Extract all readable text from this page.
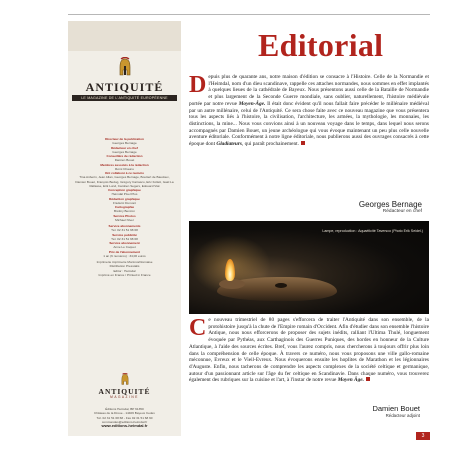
ANTIQUITÉ
LE MAGAZINE DE L'ANTIQUITÉ EUROPÉENNE
Directeur de la publication
Georges Bernage
Rédacteur en chef
Georges Bernage
Conseillère de rédaction
Damien Bouet
Membres associés à la rédaction
Rémi Chaunu
Ont collaboré à ce numéro
Tina Anberin, Jean Allan, Georges Bernage, Bouttert de Baudoux, Damien Bouet, François Bedog, Grégory Carrasco, Eric Follett, Gaël La Rallasse, Erik Lund, Carolien Segers, Edouard Viat
Conception graphique
Heimdal Pixel Plus
Rédaction graphique
Fréderic Dumont
Cartographie
Brétiny Benzon
Service Photos
Michael Niver
Service abonnements
Tél. 02 31 51 68 68
Service publicité
Tél. 02 31 51 68 68
Service abonnement
Anne Le Coquet
Prix de l'abonnement
1 an (6 numéros) : 34,00 euros
Imprimerie imprimerie Montmorillonnaise
Distribution Presstalis
Editor : Heimdal
Imprimé en France / Printed in France
ANTIQUITÉ
MAGAZINE
Éditions Heimdal, BP 61350
Château de la Droue - 14406 Bayeux Cedex
Tél. 02 31 51 68 68 - Fax 02 31 51 68 60
commandes@editions-heimdal.fr
www.editions-heimdal.fr
Editorial
Depuis plus de quarante ans, notre maison d'édition se consacre à l'Histoire. Celle de la Normandie et l'Heimdal, nom d'un dieu scandinave, rappelle ces attaches normandes, nous sommes en effet implantés à quelques lieues de la cathédrale de Bayeux. Nous présentons aussi celle de la Bataille de Normandie et plus largement de la Seconde Guerre mondiale, sans oublier, naturellement, l'histoire médiévale portée par notre revue Moyen-Âge. Il était donc évident qu'il nous fallait faire précéder le millénaire médiéval par un autre millénaire, celui de l'Antiquité. Ce sera chose faite avec ce nouveau magazine que vous présentera tous les aspects liés à l'histoire, la civilisation, l'architecture, les armées, la mythologie, les monnaies, les distinctions, la mine... Nous vous convions ainsi à un nouveau voyage dans le temps, dans lequel nous serons accompagnés par Damien Bouet, un jeune archéologue qui vous évoque maintenant un peu plus celle nouvelle aventure éditoriale. Conformément à notre ligne éditoriale, nous publierons aussi des ouvrages consacrés à cette époque dont Gladiateurs, qui paraît prochainement.
Georges Bernage
Rédacteur en chef
Lampe, reproduction : Aquaélicité Taversco (Photo Erik Seidel.)
Ce nouveau trimestriel de 80 pages s'efforcera de traiter l'Antiquité dans son ensemble, de la protohistoire jusqu'à la chute de l'Empire romain d'Occident. Afin d'étudier dans son ensemble l'histoire Antique, nous nous efforcerons de proposer des sujets inédits, ralliant l'Ultima Thulé, longuement évoquée par Pythéas, aux Carthaginois des Guerres Puniques, des hordes en honneur de la Culture Atlantique, à l'aide des sources écrites. Bref, vous l'aurez compris, nous chercherons à toujours offrir plus loin dans la compréhension de celle époque. À travers ce numéro, nous vous proposons une ville gallo-romaine méconnue, Evreux et le Vieil-Evreux. Nous évoquerons ensuite les hoplites de Marathon et les légionnaires d'Auguste. Enfin, nous tacherons de comprendre les aspects complexes de la société celtique et germanique, autour d'un passionnant article sur l'âge du fer celtique en Scandinavie. Dans chaque numéro, vous trouverez également des rubriques sur la cuisine et l'art, à l'instar de notre revue Moyen Âge.
Damien Bouet
Rédacteur adjoint
3
